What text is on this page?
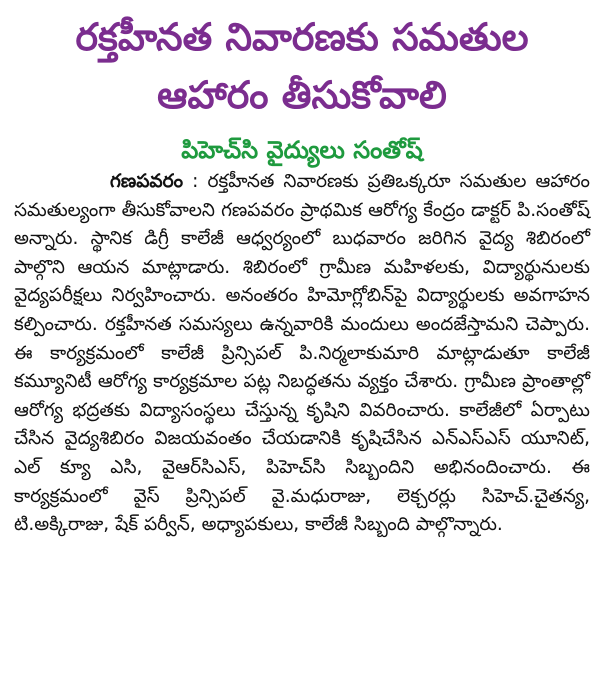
రక్తహీనత నివారణకు సమతుల
ఆహారం తీసుకోవాలి
పిహెచ్‌సి వైద్యులు సంతోష్

గణపవరం : రక్తహీనత నివారణకు ప్రతిఒక్కరూ సమతుల ఆహారం సమతుల్యంగా తీసుకోవాలని గణపవరం ప్రాథమిక ఆరోగ్య కేంద్రం డాక్టర్ పి.సంతోష్ అన్నారు. స్థానిక డిగ్రీ కాలేజీ ఆధ్వర్యంలో బుధవారం జరిగిన వైద్య శిబిరంలో పాల్గొని ఆయన మాట్లాడారు. శిబిరంలో గ్రామీణ మహిళలకు, విద్యార్థునులకు వైద్యపరీక్షలు నిర్వహించారు. అనంతరం హిమోగ్లోబిన్‌పై విద్యార్థులకు అవగాహన కల్పించారు. రక్తహీనత సమస్యలు ఉన్నవారికి మందులు అందజేస్తామని చెప్పారు. ఈ కార్యక్రమంలో కాలేజీ ప్రిన్సిపల్ పి.నిర్మలాకుమారి మాట్లాడుతూ కాలేజీ కమ్యూనిటీ ఆరోగ్య కార్యక్రమాల పట్ల నిబద్ధతను వ్యక్తం చేశారు. గ్రామీణ ప్రాంతాల్లో ఆరోగ్య భద్రతకు విద్యాసంస్థలు చేస్తున్న కృషిని వివరించారు. కాలేజీలో ఏర్పాటు చేసిన వైద్యశిబిరం విజయవంతం చేయడానికి కృషిచేసిన ఎన్‌ఎస్‌ఎస్ యూనిట్, ఎల్ క్యూ ఎసి, వైఆర్‌సిఎస్, పిహెచ్‌సి సిబ్బందిని అభినందించారు. ఈ కార్యక్రమంలో వైస్ ప్రిన్సిపల్ వై.మధురాజు, లెక్చరర్లు సిహెచ్.చైతన్య, టి.అక్కిరాజు, షేక్ పర్వీన్, అధ్యాపకులు, కాలేజీ సిబ్బంది పాల్గొన్నారు.
